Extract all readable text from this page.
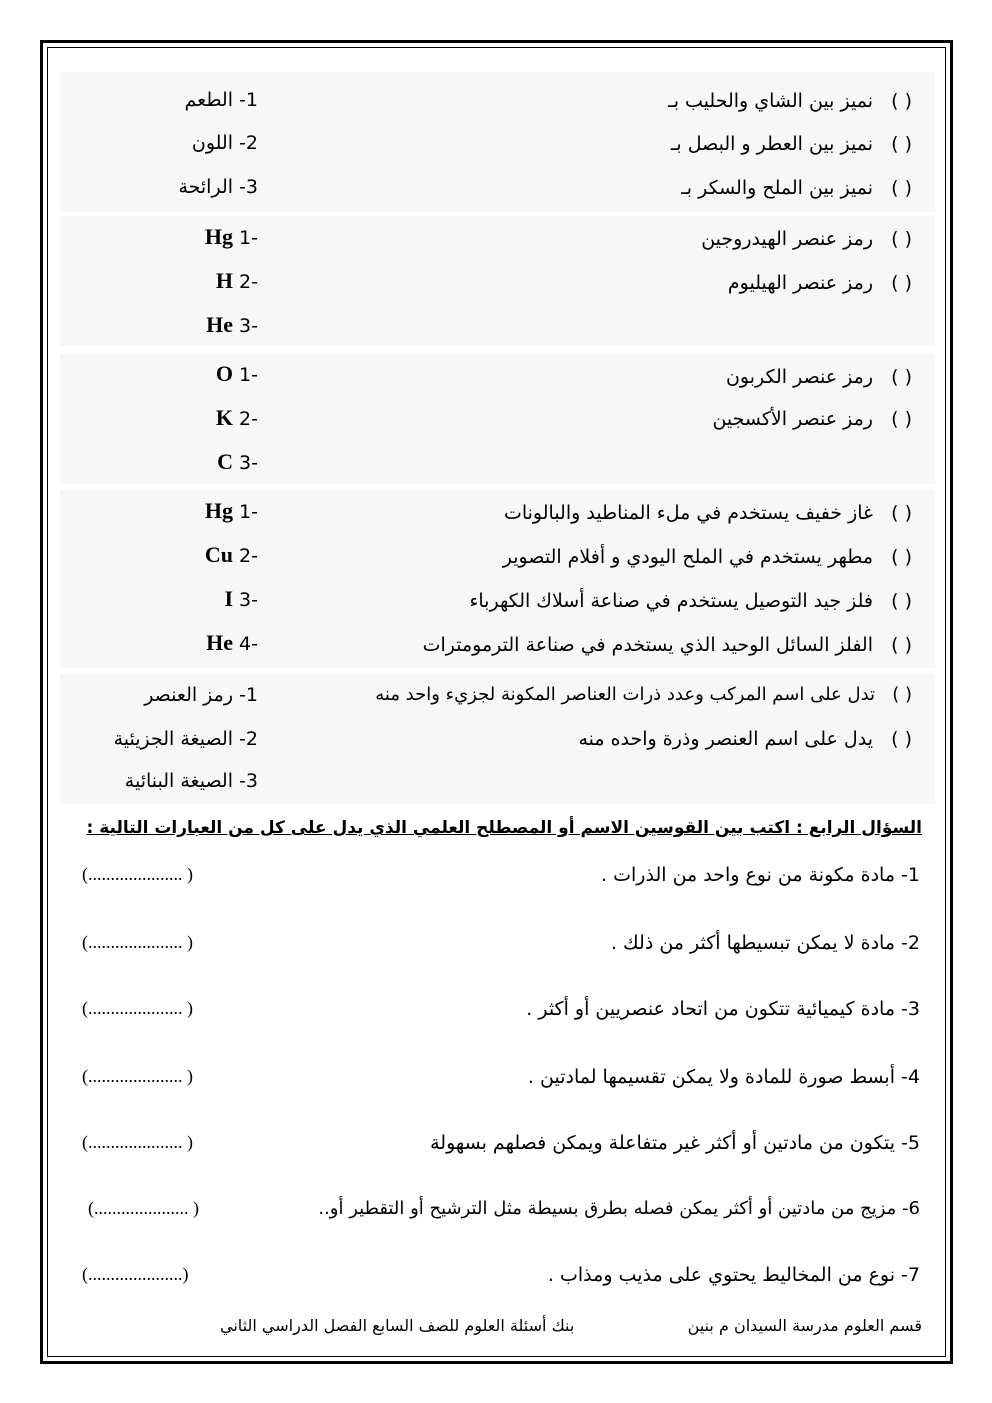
( )   نميز بين الشاي والحليب بـ
( )   نميز بين العطر و البصل بـ
( )   نميز بين الملح والسكر بـ
1- الطعم
2- اللون
3- الرائحة
( )   رمز عنصر الهيدروجين
( )   رمز عنصر الهيليوم
Hg 1-
H 2-
He 3-
( )   رمز عنصر الكربون
( )   رمز عنصر الأكسجين
O 1-
K 2-
C 3-
( )   غاز خفيف يستخدم في ملء المناطيد والبالونات
( )   مطهر يستخدم في الملح اليودي و أفلام التصوير
( )   فلز جيد التوصيل يستخدم في صناعة أسلاك الكهرباء
( )   الفلز السائل الوحيد الذي يستخدم في صناعة الترمومترات
Hg 1-
Cu 2-
I 3-
He 4-
( )   تدل على اسم المركب وعدد ذرات العناصر المكونة لجزيء واحد منه
( )   يدل على اسم العنصر وذرة واحده منه
1- رمز العنصر
2- الصيغة الجزيئية
3- الصيغة البنائية
السؤال الرابع : اكتب بين القوسين الاسم أو المصطلح العلمي الذي يدل على كل من العبارات التالية :
1- مادة مكونة من نوع واحد من الذرات .
(..................... )
2- مادة لا يمكن تبسيطها أكثر من ذلك .
(..................... )
3- مادة كيميائية تتكون من اتحاد عنصريين أو أكثر .
(..................... )
4- أبسط صورة للمادة ولا يمكن تقسيمها لمادتين .
(..................... )
5- يتكون من مادتين أو أكثر غير متفاعلة ويمكن فصلهم بسهولة
(..................... )
6- مزيج من مادتين أو أكثر يمكن فصله بطرق بسيطة مثل الترشيح أو التقطير أو..
(..................... )
7- نوع من المخاليط يحتوي على مذيب ومذاب .
(.....................)
قسم العلوم مدرسة السيدان م بنين
بنك أسئلة العلوم للصف السابع الفصل الدراسي الثاني
